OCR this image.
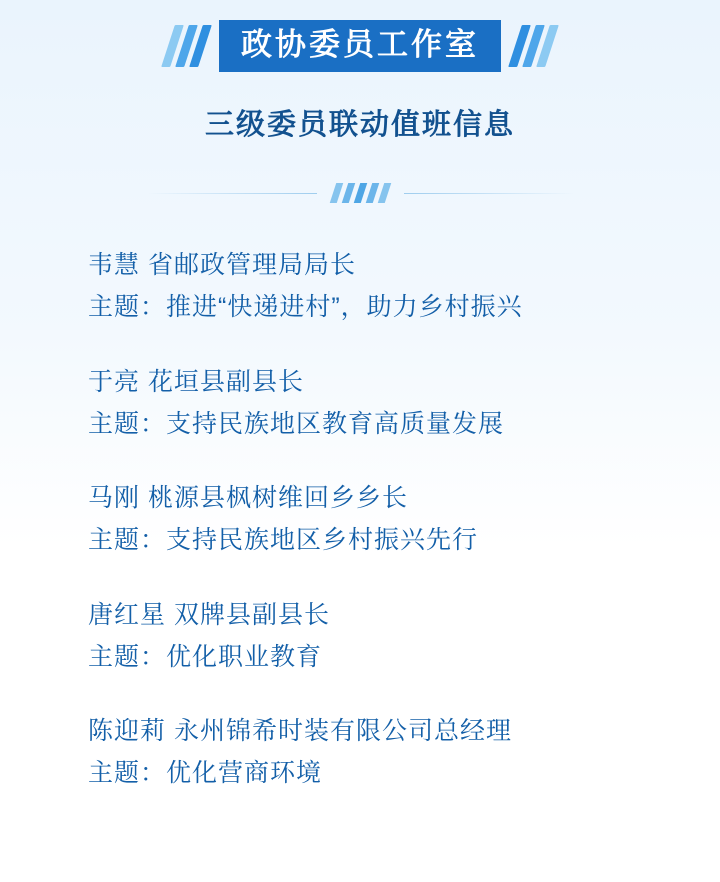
政协委员工作室
三级委员联动值班信息
韦慧 省邮政管理局局长
主题：推进“快递进村”，助力乡村振兴
于亮 花垣县副县长
主题：支持民族地区教育高质量发展
马刚 桃源县枫树维回乡乡长
主题：支持民族地区乡村振兴先行
唐红星 双牌县副县长
主题：优化职业教育
陈迎莉 永州锦希时装有限公司总经理
主题：优化营商环境
